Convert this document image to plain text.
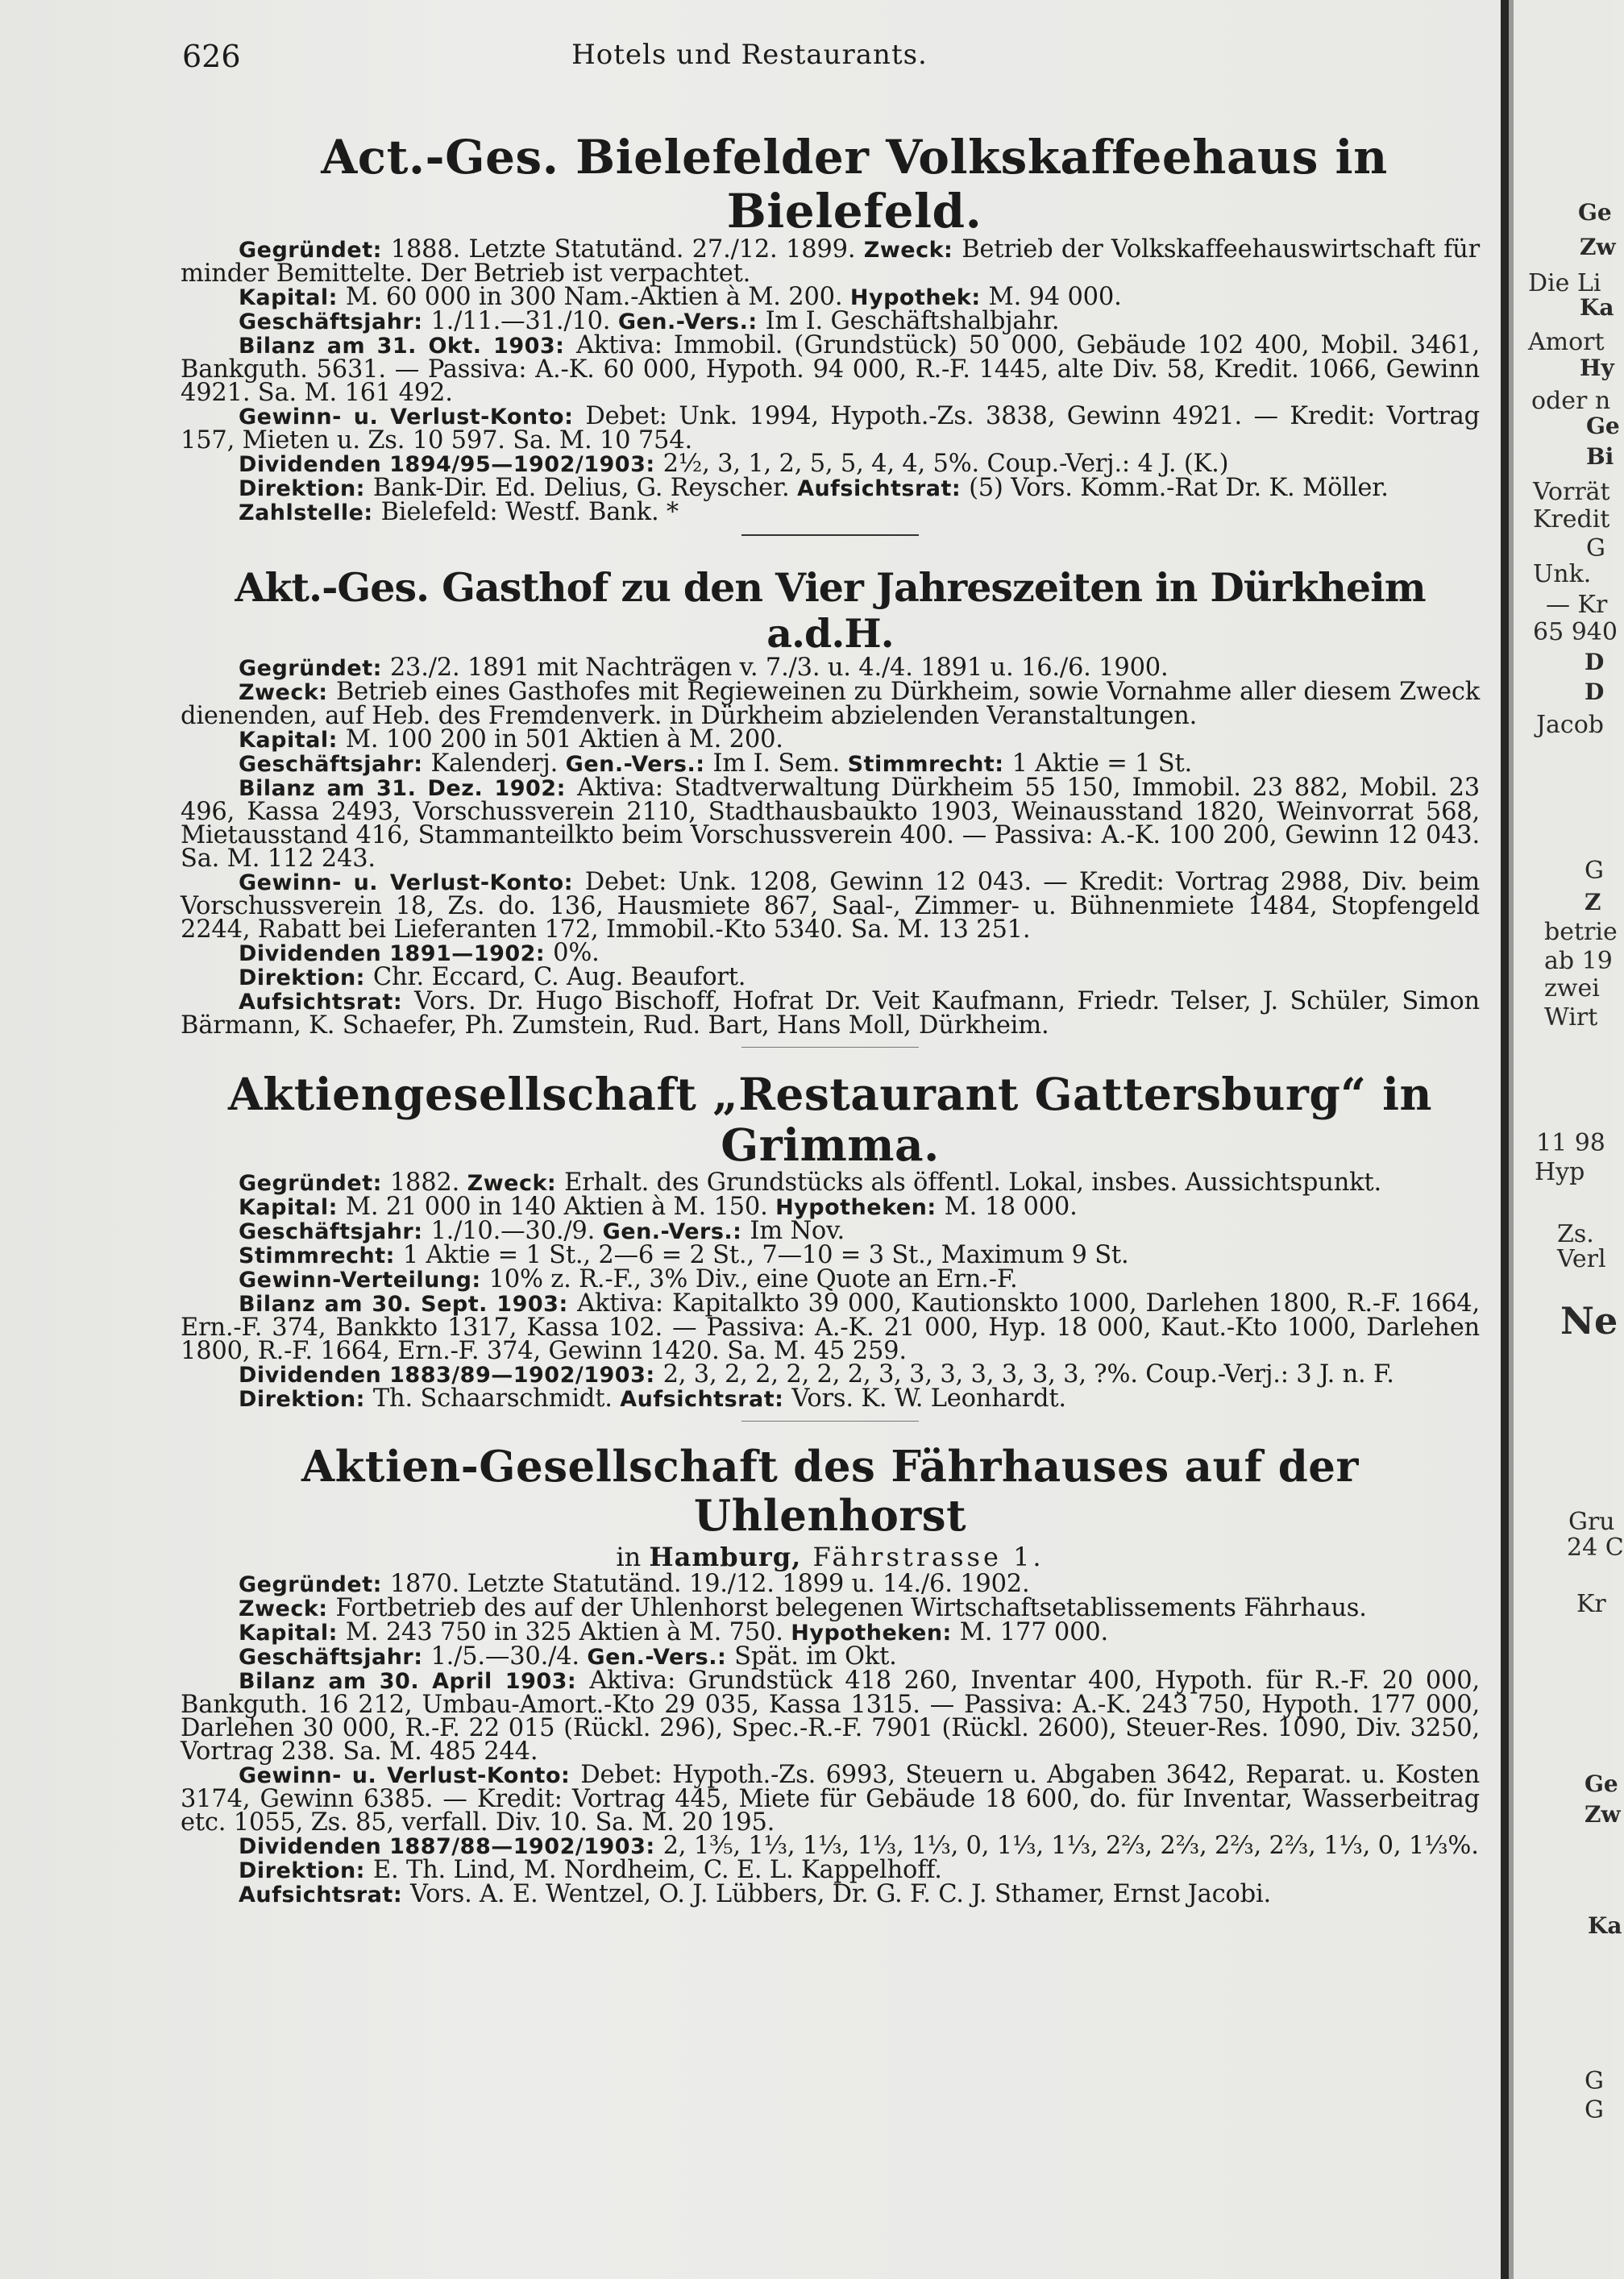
626	Hotels und Restaurants.
Act.-Ges. Bielefelder Volkskaffeehaus in Bielefeld.

Gegründet: 1888. Letzte Statutänd. 27./12. 1899. Zweck: Betrieb der Volkskaffeehauswirtschaft für minder Bemittelte. Der Betrieb ist verpachtet.

Kapital: M. 60 000 in 300 Nam.-Aktien à M. 200. Hypothek: M. 94 000.

Geschäftsjahr: 1./11.—31./10. Gen.-Vers.: Im I. Geschäftshalbjahr.

Bilanz am 31. Okt. 1903: Aktiva: Immobil. (Grundstück) 50 000, Gebäude 102 400, Mobil. 3461, Bankguth. 5631. — Passiva: A.-K. 60 000, Hypoth. 94 000, R.-F. 1445, alte Div. 58, Kredit. 1066, Gewinn 4921. Sa. M. 161 492.

Gewinn- u. Verlust-Konto: Debet: Unk. 1994, Hypoth.-Zs. 3838, Gewinn 4921. — Kredit: Vortrag 157, Mieten u. Zs. 10 597. Sa. M. 10 754.

Dividenden 1894/95—1902/1903: 2½, 3, 1, 2, 5, 5, 4, 4, 5%. Coup.-Verj.: 4 J. (K.)

Direktion: Bank-Dir. Ed. Delius, G. Reyscher. Aufsichtsrat: (5) Vors. Komm.-Rat Dr. K. Möller.

Zahlstelle: Bielefeld: Westf. Bank. *

Akt.-Ges. Gasthof zu den Vier Jahreszeiten in Dürkheim a.d.H.

Gegründet: 23./2. 1891 mit Nachträgen v. 7./3. u. 4./4. 1891 u. 16./6. 1900.

Zweck: Betrieb eines Gasthofes mit Regieweinen zu Dürkheim, sowie Vornahme aller diesem Zweck dienenden, auf Heb. des Fremdenverk. in Dürkheim abzielenden Veranstaltungen.

Kapital: M. 100 200 in 501 Aktien à M. 200.

Geschäftsjahr: Kalenderj. Gen.-Vers.: Im I. Sem. Stimmrecht: 1 Aktie = 1 St.

Bilanz am 31. Dez. 1902: Aktiva: Stadtverwaltung Dürkheim 55 150, Immobil. 23 882, Mobil. 23 496, Kassa 2493, Vorschussverein 2110, Stadthausbaukto 1903, Weinausstand 1820, Weinvorrat 568, Mietausstand 416, Stammanteilkto beim Vorschussverein 400. — Passiva: A.-K. 100 200, Gewinn 12 043. Sa. M. 112 243.

Gewinn- u. Verlust-Konto: Debet: Unk. 1208, Gewinn 12 043. — Kredit: Vortrag 2988, Div. beim Vorschussverein 18, Zs. do. 136, Hausmiete 867, Saal-, Zimmer- u. Bühnenmiete 1484, Stopfengeld 2244, Rabatt bei Lieferanten 172, Immobil.-Kto 5340. Sa. M. 13 251.

Dividenden 1891—1902: 0%.

Direktion: Chr. Eccard, C. Aug. Beaufort.

Aufsichtsrat: Vors. Dr. Hugo Bischoff, Hofrat Dr. Veit Kaufmann, Friedr. Telser, J. Schüler, Simon Bärmann, K. Schaefer, Ph. Zumstein, Rud. Bart, Hans Moll, Dürkheim.

Aktiengesellschaft „Restaurant Gattersburg“ in Grimma.

Gegründet: 1882. Zweck: Erhalt. des Grundstücks als öffentl. Lokal, insbes. Aussichtspunkt.

Kapital: M. 21 000 in 140 Aktien à M. 150. Hypotheken: M. 18 000.

Geschäftsjahr: 1./10.—30./9. Gen.-Vers.: Im Nov.

Stimmrecht: 1 Aktie = 1 St., 2—6 = 2 St., 7—10 = 3 St., Maximum 9 St.

Gewinn-Verteilung: 10% z. R.-F., 3% Div., eine Quote an Ern.-F.

Bilanz am 30. Sept. 1903: Aktiva: Kapitalkto 39 000, Kautionskto 1000, Darlehen 1800, R.-F. 1664, Ern.-F. 374, Bankkto 1317, Kassa 102. — Passiva: A.-K. 21 000, Hyp. 18 000, Kaut.-Kto 1000, Darlehen 1800, R.-F. 1664, Ern.-F. 374, Gewinn 1420. Sa. M. 45 259.

Dividenden 1883/89—1902/1903: 2, 3, 2, 2, 2, 2, 2, 3, 3, 3, 3, 3, 3, 3, ?%. Coup.-Verj.: 3 J. n. F.

Direktion: Th. Schaarschmidt. Aufsichtsrat: Vors. K. W. Leonhardt.

Aktien-Gesellschaft des Fährhauses auf der Uhlenhorst
in Hamburg, Fährstrasse 1.

Gegründet: 1870. Letzte Statutänd. 19./12. 1899 u. 14./6. 1902.

Zweck: Fortbetrieb des auf der Uhlenhorst belegenen Wirtschaftsetablissements Fährhaus.

Kapital: M. 243 750 in 325 Aktien à M. 750. Hypotheken: M. 177 000.

Geschäftsjahr: 1./5.—30./4. Gen.-Vers.: Spät. im Okt.

Bilanz am 30. April 1903: Aktiva: Grundstück 418 260, Inventar 400, Hypoth. für R.-F. 20 000, Bankguth. 16 212, Umbau-Amort.-Kto 29 035, Kassa 1315. — Passiva: A.-K. 243 750, Hypoth. 177 000, Darlehen 30 000, R.-F. 22 015 (Rückl. 296), Spec.-R.-F. 7901 (Rückl. 2600), Steuer-Res. 1090, Div. 3250, Vortrag 238. Sa. M. 485 244.

Gewinn- u. Verlust-Konto: Debet: Hypoth.-Zs. 6993, Steuern u. Abgaben 3642, Reparat. u. Kosten 3174, Gewinn 6385. — Kredit: Vortrag 445, Miete für Gebäude 18 600, do. für Inventar, Wasserbeitrag etc. 1055, Zs. 85, verfall. Div. 10. Sa. M. 20 195.

Dividenden 1887/88—1902/1903: 2, 1⅗, 1⅓, 1⅓, 1⅓, 1⅓, 0, 1⅓, 1⅓, 2⅔, 2⅔, 2⅔, 2⅔, 1⅓, 0, 1⅓%.

Direktion: E. Th. Lind, M. Nordheim, C. E. L. Kappelhoff.

Aufsichtsrat: Vors. A. E. Wentzel, O. J. Lübbers, Dr. G. F. C. J. Sthamer, Ernst Jacobi.

Ge
Zw
Die Li
Ka
Amort
Hy
oder n
Ge
Bi
Vorrät
Kredit
G
Unk.
— Kr
65 940
D
D
Jacob
G
Z
betrie
ab 19
zwei
Wirt
11 98
Hyp
Zs.
Verl
Ne
Gru
24 C
Kr
Ge
Zw
Ka
G
G
